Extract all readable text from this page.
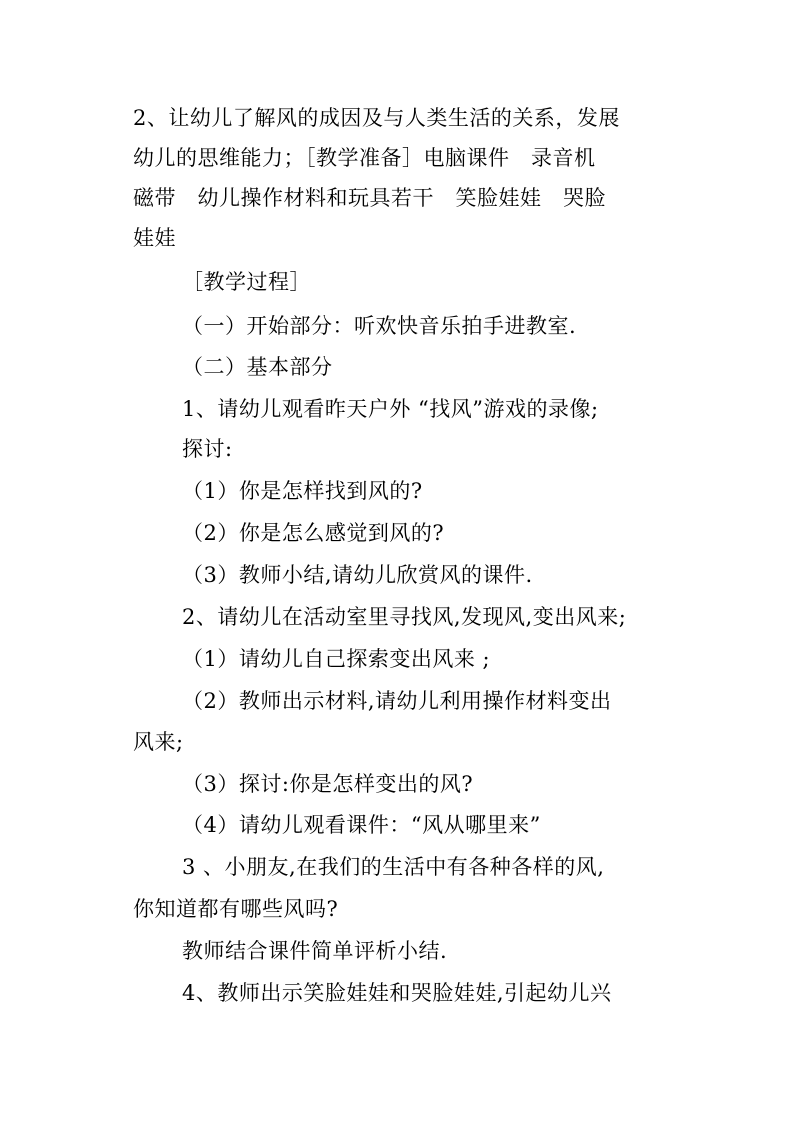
2、让幼儿了解风的成因及与人类生活的关系，发展
幼儿的思维能力；［教学准备］电脑课件　录音机
磁带　幼儿操作材料和玩具若干　笑脸娃娃　哭脸
娃娃
［教学过程］
（一）开始部分：听欢快音乐拍手进教室.
（二）基本部分
1、请幼儿观看昨天户外 “找风”游戏的录像;
探讨:
（1）你是怎样找到风的?
（2）你是怎么感觉到风的?
（3）教师小结,请幼儿欣赏风的课件.
2、请幼儿在活动室里寻找风,发现风,变出风来;
（1）请幼儿自己探索变出风来 ;
（2）教师出示材料,请幼儿利用操作材料变出
风来;
（3）探讨:你是怎样变出的风?
（4）请幼儿观看课件：“风从哪里来”
3 、小朋友,在我们的生活中有各种各样的风,
你知道都有哪些风吗?
教师结合课件简单评析小结.
4、教师出示笑脸娃娃和哭脸娃娃,引起幼儿兴
